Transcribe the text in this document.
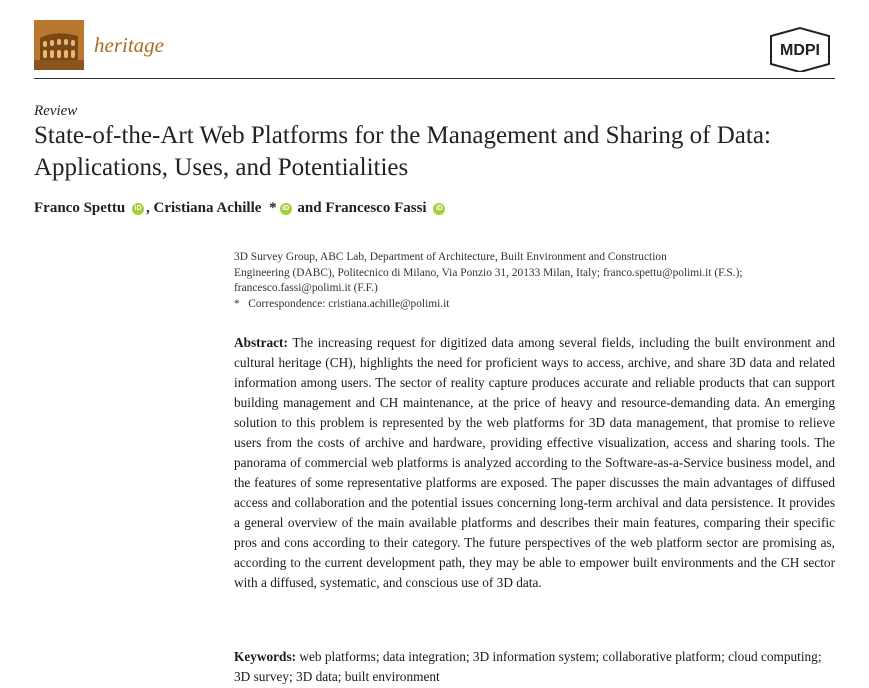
heritage	MDPI
Review
State-of-the-Art Web Platforms for the Management and Sharing of Data: Applications, Uses, and Potentialities
Franco Spettu iD , Cristiana Achille * iD and Francesco Fassi iD
3D Survey Group, ABC Lab, Department of Architecture, Built Environment and Construction
Engineering (DABC), Politecnico di Milano, Via Ponzio 31, 20133 Milan, Italy; franco.spettu@polimi.it (F.S.);
francesco.fassi@polimi.it (F.F.)
*   Correspondence: cristiana.achille@polimi.it

Abstract: The increasing request for digitized data among several fields, including the built environment and cultural heritage (CH), highlights the need for proficient ways to access, archive, and share 3D data and related information among users. The sector of reality capture produces accurate and reliable products that can support building management and CH maintenance, at the price of heavy and resource-demanding data. An emerging solution to this problem is represented by the web platforms for 3D data management, that promise to relieve users from the costs of archive and hardware, providing effective visualization, access and sharing tools. The panorama of commercial web platforms is analyzed according to the Software-as-a-Service business model, and the features of some representative platforms are exposed. The paper discusses the main advantages of diffused access and collaboration and the potential issues concerning long-term archival and data persistence. It provides a general overview of the main available platforms and describes their main features, comparing their specific pros and cons according to their category. The future perspectives of the web platform sector are promising as, according to the current development path, they may be able to empower built environments and the CH sector with a diffused, systematic, and conscious use of 3D data.

Keywords: web platforms; data integration; 3D information system; collaborative platform; cloud computing; 3D survey; 3D data; built environment
